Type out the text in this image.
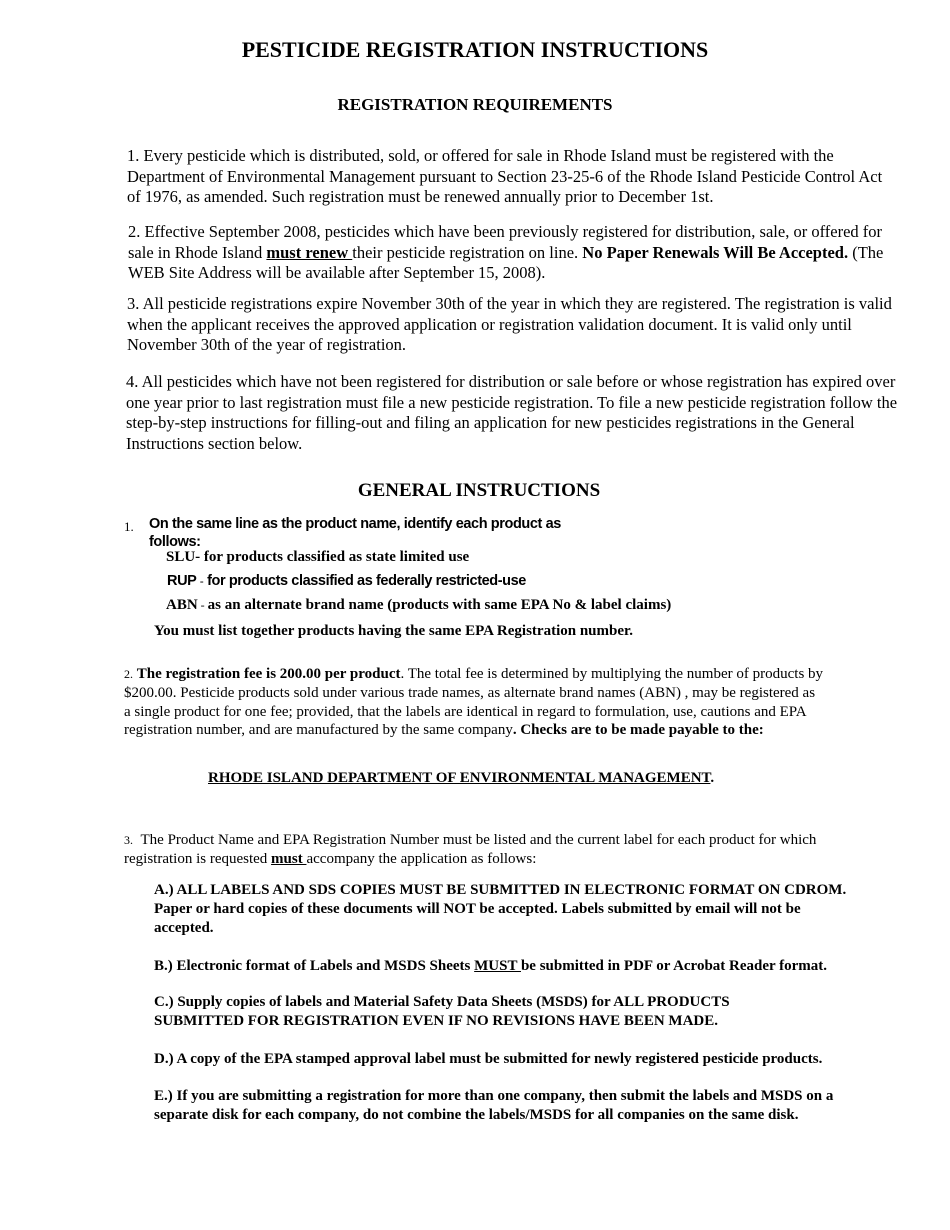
PESTICIDE REGISTRATION INSTRUCTIONS
REGISTRATION REQUIREMENTS
1. Every pesticide which is distributed, sold, or offered for sale in Rhode Island must be registered with the Department of Environmental Management pursuant to Section 23-25-6 of the Rhode Island Pesticide Control Act of 1976, as amended. Such registration must be renewed annually prior to December 1st.
2. Effective September 2008, pesticides which have been previously registered for distribution, sale, or offered for sale in Rhode Island must renew their pesticide registration on line. No Paper Renewals Will Be Accepted. (The WEB Site Address will be available after September 15, 2008).
3. All pesticide registrations expire November 30th of the year in which they are registered. The registration is valid when the applicant receives the approved application or registration validation document. It is valid only until November 30th of the year of registration.
4. All pesticides which have not been registered for distribution or sale before or whose registration has expired over one year prior to last registration must file a new pesticide registration. To file a new pesticide registration follow the step-by-step instructions for filling-out and filing an application for new pesticides registrations in the General Instructions section below.
GENERAL INSTRUCTIONS
1. On the same line as the product name, identify each product as follows:
SLU- for products classified as state limited use
RUP - for products classified as federally restricted-use
ABN - as an alternate brand name (products with same EPA No & label claims)
You must list together products having the same EPA Registration number.
2. The registration fee is 200.00 per product. The total fee is determined by multiplying the number of products by $200.00. Pesticide products sold under various trade names, as alternate brand names (ABN) , may be registered as a single product for one fee; provided, that the labels are identical in regard to formulation, use, cautions and EPA registration number, and are manufactured by the same company. Checks are to be made payable to the:
RHODE ISLAND DEPARTMENT OF ENVIRONMENTAL MANAGEMENT.
3. The Product Name and EPA Registration Number must be listed and the current label for each product for which registration is requested must accompany the application as follows:
A.) ALL LABELS AND SDS COPIES MUST BE SUBMITTED IN ELECTRONIC FORMAT ON CDROM. Paper or hard copies of these documents will NOT be accepted. Labels submitted by email will not be accepted.
B.) Electronic format of Labels and MSDS Sheets MUST be submitted in PDF or Acrobat Reader format.
C.) Supply copies of labels and Material Safety Data Sheets (MSDS) for ALL PRODUCTS SUBMITTED FOR REGISTRATION EVEN IF NO REVISIONS HAVE BEEN MADE.
D.) A copy of the EPA stamped approval label must be submitted for newly registered pesticide products.
E.) If you are submitting a registration for more than one company, then submit the labels and MSDS on a separate disk for each company, do not combine the labels/MSDS for all companies on the same disk.
